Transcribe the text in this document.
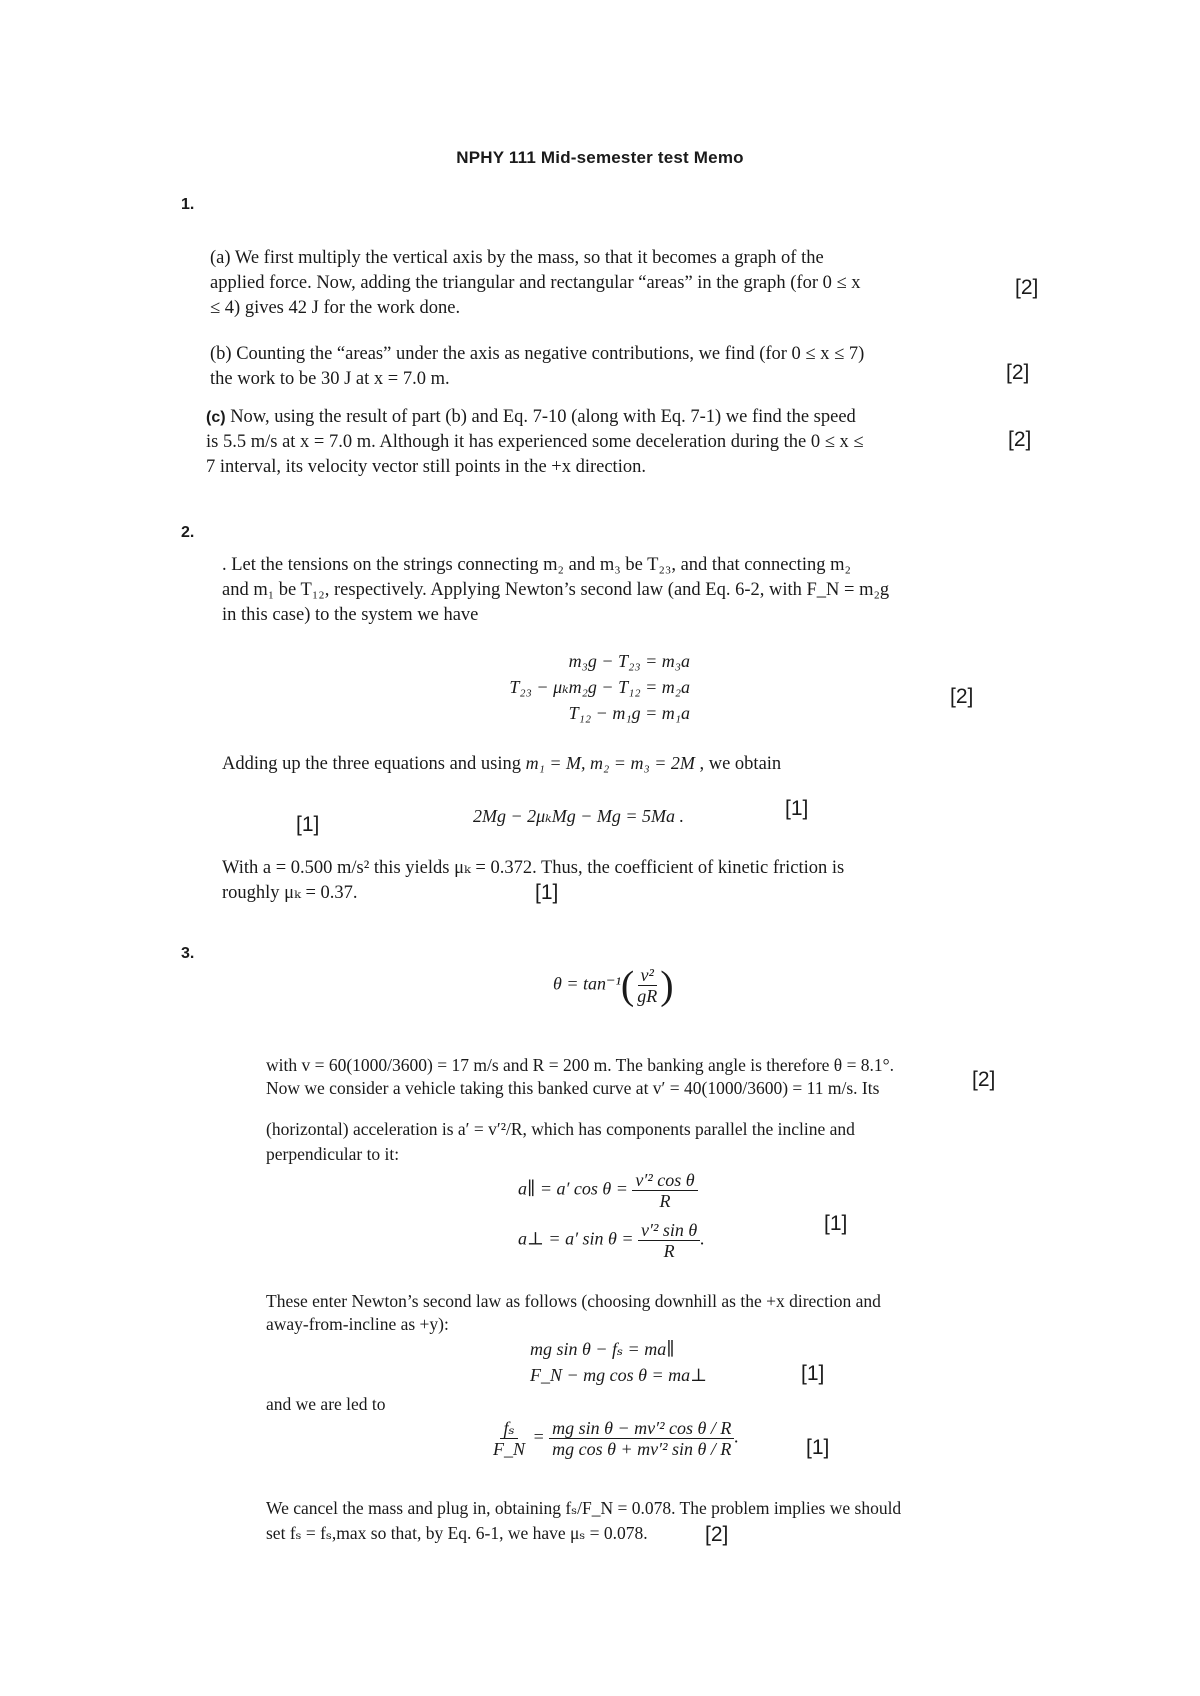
NPHY 111 Mid-semester test Memo
1.
(a) We first multiply the vertical axis by the mass, so that it becomes a graph of the
applied force. Now, adding the triangular and rectangular “areas” in the graph (for 0 ≤ x
≤ 4) gives 42 J for the work done.
[2]
(b) Counting the “areas” under the axis as negative contributions, we find (for 0 ≤ x ≤ 7)
the work to be 30 J at x = 7.0 m.	[2]
(c) Now, using the result of part (b) and Eq. 7-10 (along with Eq. 7-1) we find the speed
is 5.5 m/s at x = 7.0 m. Although it has experienced some deceleration during the 0 ≤ x ≤
7 interval, its velocity vector still points in the +x direction.
[2]
2.
. Let the tensions on the strings connecting m₂ and m₃ be T₂₃, and that connecting m₂
and m₁ be T₁₂, respectively. Applying Newton’s second law (and Eq. 6-2, with F_N = m₂g
in this case) to the system we have
m₃g − T₂₃ = m₃a
T₂₃ − μₖm₂g − T₁₂ = m₂a
T₁₂ − m₁g = m₁a
[2]
Adding up the three equations and using m₁ = M, m₂ = m₃ = 2M , we obtain
[1]	2Mg − 2μₖMg − Mg = 5Ma .	[1]
With a = 0.500 m/s² this yields μₖ = 0.372. Thus, the coefficient of kinetic friction is
roughly μₖ = 0.37.	[1]
3.
$\theta = \tan^{-1}( \frac{\text{v²}}{gR}$ )
with v = 60(1000/3600) = 17 m/s and R = 200 m. The banking angle is therefore θ = 8.1°.
Now we consider a vehicle taking this banked curve at v′ = 40(1000/3600) = 11 m/s. Its	[2]
(horizontal) acceleration is a′ = v′²/R, which has components parallel the incline and
perpendicular to it:
a∥ = a′ $\cos \theta = \frac{\text{v′² cos θ}}{R}$
a⊥ = a′ $\sin \theta = \frac{\text{v′² sin θ}}{R}$ .
[1]
These enter Newton’s second law as follows (choosing downhill as the +x direction and
away-from-incline as +y):
mg sin θ − fₛ = ma∥
F_N − mg cos θ = ma⊥	[1]
and we are led to
$\frac{\text{fₛ}}{F\_N} = \frac{\text{mg sin θ − mv′² cos θ / R}}{\text{mg cos θ + mv′² sin θ / R}}$ .	[1]
We cancel the mass and plug in, obtaining fₛ/F_N = 0.078. The problem implies we should
set fₛ = fₛ,max so that, by Eq. 6-1, we have μₛ = 0.078.	[2]
